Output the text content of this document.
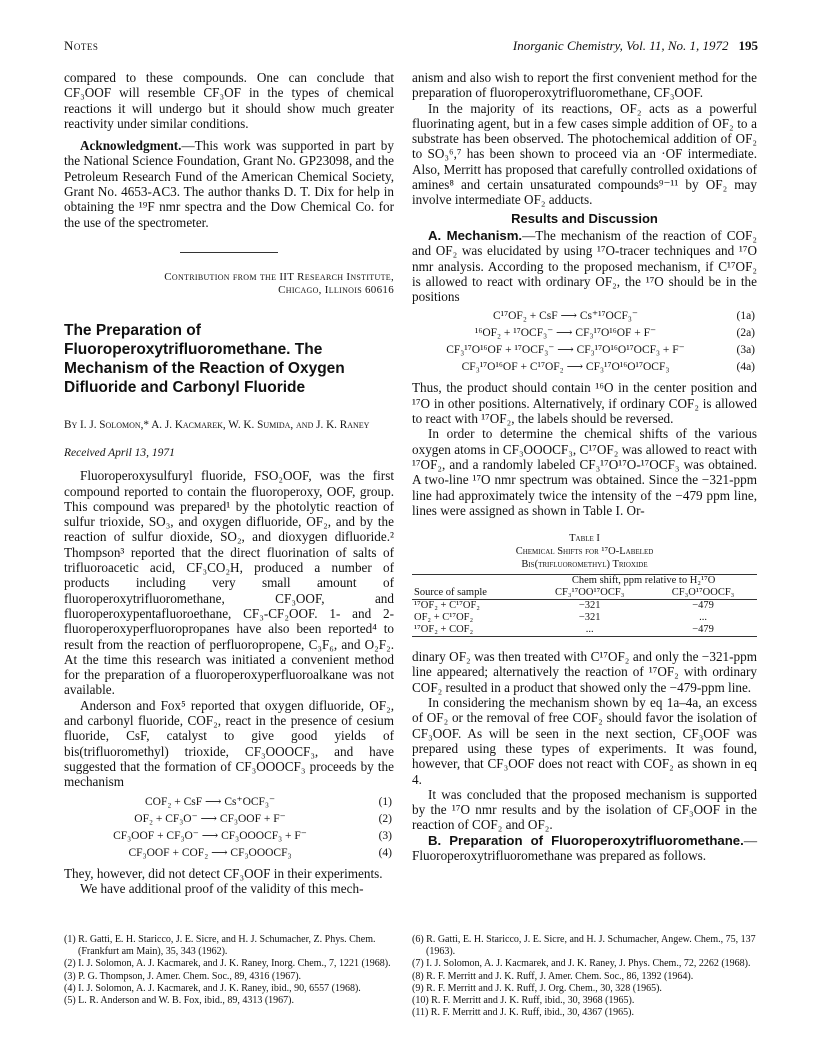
Notes	Inorganic Chemistry, Vol. 11, No. 1, 1972 195

compared to these compounds. One can conclude that CF₃OOF will resemble CF₃OF in the types of chemical reactions it will undergo but it should show much greater reactivity under similar conditions.

Acknowledgment.—This work was supported in part by the National Science Foundation, Grant No. GP23098, and the Petroleum Research Fund of the American Chemical Society, Grant No. 4653-AC3. The author thanks D. T. Dix for help in obtaining the ¹⁹F nmr spectra and the Dow Chemical Co. for the use of the spectrometer.

Contribution from the IIT Research Institute,
Chicago, Illinois 60616
The Preparation of Fluoroperoxytrifluoromethane. The Mechanism of the Reaction of Oxygen Difluoride and Carbonyl Fluoride
By I. J. Solomon,* A. J. Kacmarek, W. K. Sumida, and J. K. Raney
Received April 13, 1971

Fluoroperoxysulfuryl fluoride, FSO₂OOF, was the first compound reported to contain the fluoroperoxy, OOF, group. This compound was prepared¹ by the photolytic reaction of sulfur trioxide, SO₃, and oxygen difluoride, OF₂, and by the reaction of sulfur dioxide, SO₂, and dioxygen difluoride.² Thompson³ reported that the direct fluorination of salts of trifluoroacetic acid, CF₃CO₂H, produced a number of products including very small amount of fluoroperoxytrifluoromethane, CF₃OOF, and fluoroperoxypentafluoroethane, CF₃-CF₂OOF. 1- and 2-fluoroperoxyperfluoropropanes have also been reported⁴ to result from the reaction of perfluoropropene, C₃F₆, and O₂F₂. At the time this research was initiated a convenient method for the preparation of a fluoroperoxyperfluoroalkane was not available.

Anderson and Fox⁵ reported that oxygen difluoride, OF₂, and carbonyl fluoride, COF₂, react in the presence of cesium fluoride, CsF, catalyst to give good yields of bis(trifluoromethyl) trioxide, CF₃OOOCF₃, and have suggested that the formation of CF₃OOOCF₃ proceeds by the mechanism

COF₂ + CsF ⟶ Cs⁺OCF₃⁻	(1)
OF₂ + CF₃O⁻ ⟶ CF₃OOF + F⁻	(2)
CF₃OOF + CF₃O⁻ ⟶ CF₃OOOCF₃ + F⁻	(3)
CF₃OOF + COF₂ ⟶ CF₃OOOCF₃	(4)

They, however, did not detect CF₃OOF in their experiments.

We have additional proof of the validity of this mech-

anism and also wish to report the first convenient method for the preparation of fluoroperoxytrifluoromethane, CF₃OOF.

In the majority of its reactions, OF₂ acts as a powerful fluorinating agent, but in a few cases simple addition of OF₂ to a substrate has been observed. The photochemical addition of OF₂ to SO₃⁶,⁷ has been shown to proceed via an ·OF intermediate. Also, Merritt has proposed that carefully controlled oxidations of amines⁸ and certain unsaturated compounds⁹⁻¹¹ by OF₂ may involve intermediate OF₂ adducts.

Results and Discussion

A. Mechanism.—The mechanism of the reaction of COF₂ and OF₂ was elucidated by using ¹⁷O-tracer techniques and ¹⁷O nmr analysis. According to the proposed mechanism, if C¹⁷OF₂ is allowed to react with ordinary OF₂, the ¹⁷O should be in the positions

C¹⁷OF₂ + CsF ⟶ Cs⁺¹⁷OCF₃⁻	(1a)
¹⁶OF₂ + ¹⁷OCF₃⁻ ⟶ CF₃¹⁷O¹⁶OF + F⁻	(2a)
CF₃¹⁷O¹⁶OF + ¹⁷OCF₃⁻ ⟶ CF₃¹⁷O¹⁶O¹⁷OCF₃ + F⁻	(3a)
CF₃¹⁷O¹⁶OF + C¹⁷OF₂ ⟶ CF₃¹⁷O¹⁶O¹⁷OCF₃	(4a)

Thus, the product should contain ¹⁶O in the center position and ¹⁷O in other positions. Alternatively, if ordinary COF₂ is allowed to react with ¹⁷OF₂, the labels should be reversed.

In order to determine the chemical shifts of the various oxygen atoms in CF₃OOOCF₃, C¹⁷OF₂ was allowed to react with ¹⁷OF₂, and a randomly labeled CF₃¹⁷O¹⁷O-¹⁷OCF₃ was obtained. A two-line ¹⁷O nmr spectrum was obtained. Since the −321-ppm line had approximately twice the intensity of the −479 ppm line, lines were assigned as shown in Table I. Or-

Table I
Chemical Shifts for ¹⁷O-Labeled
Bis(trifluoromethyl) Trioxide

	Chem shift, ppm relative to H₂¹⁷O	
Source of sample	CF₃¹⁷OO¹⁷OCF₃	CF₃O¹⁷OOCF₃

¹⁷OF₂ + C¹⁷OF₂	−321	−479
OF₂ + C¹⁷OF₂	−321	...
¹⁷OF₂ + COF₂	...	−479

dinary OF₂ was then treated with C¹⁷OF₂ and only the −321-ppm line appeared; alternatively the reaction of ¹⁷OF₂ with ordinary COF₂ resulted in a product that showed only the −479-ppm line.

In considering the mechanism shown by eq 1a–4a, an excess of OF₂ or the removal of free COF₂ should favor the isolation of CF₃OOF. As will be seen in the next section, CF₃OOF was prepared using these types of experiments. It was found, however, that CF₃OOF does not react with COF₂ as shown in eq 4.

It was concluded that the proposed mechanism is supported by the ¹⁷O nmr results and by the isolation of CF₃OOF in the reaction of COF₂ and OF₂.

B. Preparation of Fluoroperoxytrifluoromethane.—Fluoroperoxytrifluoromethane was prepared as follows.

(1) R. Gatti, E. H. Staricco, J. E. Sicre, and H. J. Schumacher, Z. Phys. Chem. (Frankfurt am Main), 35, 343 (1962).
(2) I. J. Solomon, A. J. Kacmarek, and J. K. Raney, Inorg. Chem., 7, 1221 (1968).
(3) P. G. Thompson, J. Amer. Chem. Soc., 89, 4316 (1967).
(4) I. J. Solomon, A. J. Kacmarek, and J. K. Raney, ibid., 90, 6557 (1968).
(5) L. R. Anderson and W. B. Fox, ibid., 89, 4313 (1967).
(6) R. Gatti, E. H. Staricco, J. E. Sicre, and H. J. Schumacher, Angew. Chem., 75, 137 (1963).
(7) I. J. Solomon, A. J. Kacmarek, and J. K. Raney, J. Phys. Chem., 72, 2262 (1968).
(8) R. F. Merritt and J. K. Ruff, J. Amer. Chem. Soc., 86, 1392 (1964).
(9) R. F. Merritt and J. K. Ruff, J. Org. Chem., 30, 328 (1965).
(10) R. F. Merritt and J. K. Ruff, ibid., 30, 3968 (1965).
(11) R. F. Merritt and J. K. Ruff, ibid., 30, 4367 (1965).
